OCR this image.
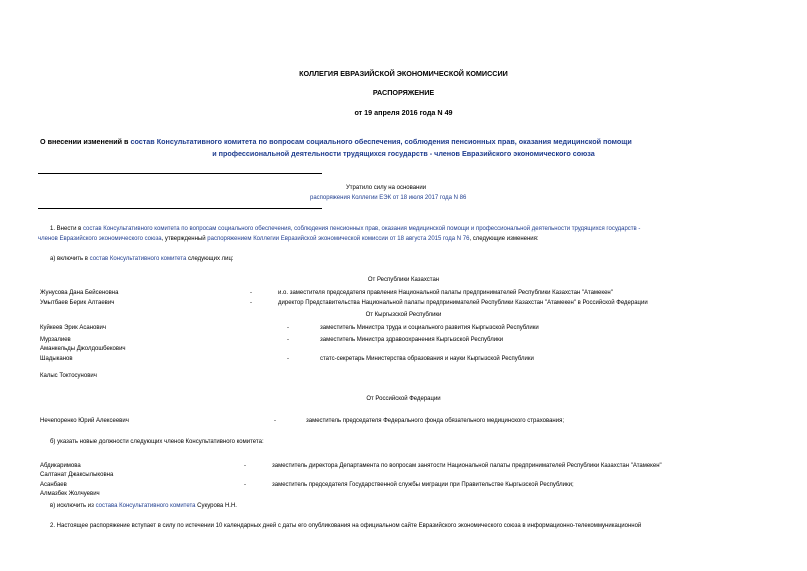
КОЛЛЕГИЯ ЕВРАЗИЙСКОЙ ЭКОНОМИЧЕСКОЙ КОМИССИИ
РАСПОРЯЖЕНИЕ
от 19 апреля 2016 года N 49
О внесении изменений в состав Консультативного комитета по вопросам социального обеспечения, соблюдения пенсионных прав, оказания медицинской помощи
и профессиональной деятельности трудящихся государств - членов Евразийского экономического союза
Утратило силу на основании
распоряжения Коллегии ЕЭК от 18 июля 2017 года N 86
1. Внести в состав Консультативного комитета по вопросам социального обеспечения, соблюдения пенсионных прав, оказания медицинской помощи и профессиональной деятельности трудящихся государств -
членов Евразийского экономического союза, утвержденный распоряжением Коллегии Евразийской экономической комиссии от 18 августа 2015 года N 76, следующие изменения:
а) включить в состав Консультативного комитета следующих лиц:
От Республики Казахстан
Жунусова Дана Бейсеновна	-	и.о. заместителя председателя правления Национальной палаты предпринимателей Республики Казахстан "Атамекен"
Умытбаев Берик Алтаевич	-	директор Представительства Национальной палаты предпринимателей Республики Казахстан "Атамекен" в Российской Федерации
От Кыргызской Республики
Куйкеев Эрик Асанович	-	заместитель Министра труда и социального развития Кыргызской Республики
Мурзалиев	-	заместитель Министра здравоохранения Кыргызской Республики
Аманкельды Джолдошбекович
Шадыканов	-	статс-секретарь Министерства образования и науки Кыргызской Республики
Калыс Токтосунович
От Российской Федерации
Нечепоренко Юрий Алексеевич	-	заместитель председателя Федерального фонда обязательного медицинского страхования;
б) указать новые должности следующих членов Консультативного комитета:
Абдикаримова	-	заместитель директора Департамента по вопросам занятости Национальной палаты предпринимателей Республики Казахстан "Атамекен"
Салтанат Джаксылыковна
Асанбаев	-	заместитель председателя Государственной службы миграции при Правительстве Кыргызской Республики;
Алмазбек Жолчуевич
в) исключить из состава Консультативного комитета Сукурова Н.Н.
2. Настоящее распоряжение вступает в силу по истечении 10 календарных дней с даты его опубликования на официальном сайте Евразийского экономического союза в информационно-телекоммуникационной
